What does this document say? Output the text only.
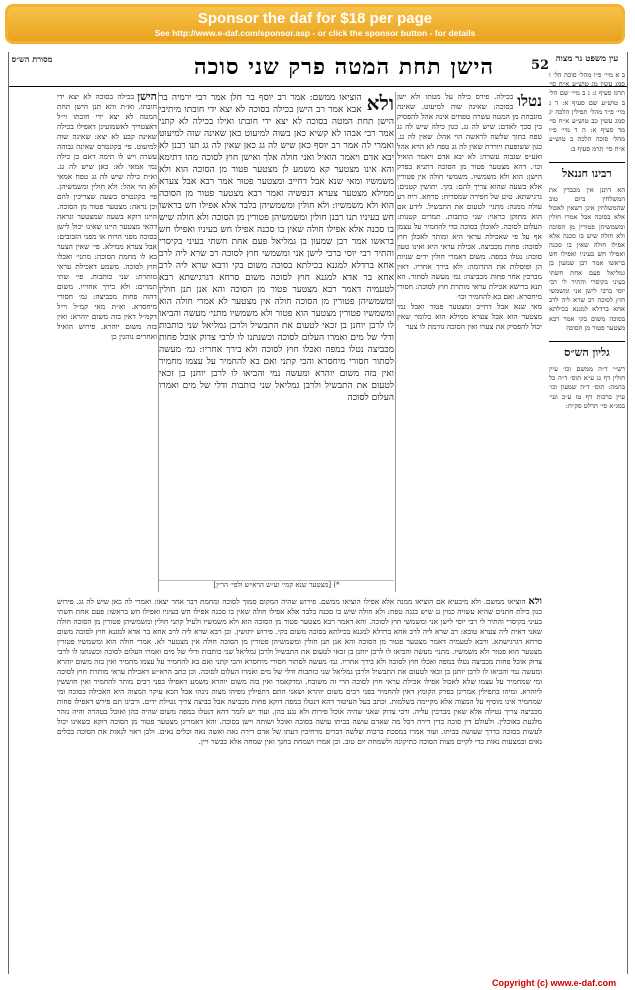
Sponsor the daf for $18 per page
See http://www.e-daf.com/sponsor.asp - or click the sponsor button - for details
הישן תחת המטה פרק שני סוכה	52
מסורת הש״ס	עין משפט נר מצוה

ב א מיי׳ פ״ו מהל׳ סוכה הל׳ ו סמג עשין מג טוש״ע א״ח סי׳ תרמ סעיף ג: ג ב מיי׳ שם הל׳ ב טוש״ע שם סעיף א: ד ג מיי׳ פ״ד מהל׳ תפילין הלכה יג סמג עשין כב טוש״ע א״ח סי׳ מד סעיף א: ה ד מיי׳ פ״ו מהל׳ סוכה הלכה ב טוש״ע א״ח סי׳ תרמ סעיף ב:

רבינו חננאל

הא דתנן אין מכבדין את המשלחין ביום טוב שהמשלחין אינן רשאין לאכול אלא בסוכה אבל אמרו חולין ומשמשיהן פטורין מן הסוכה ולא חולה שיש בו סכנה אלא אפילו חולה שאין בו סכנה ואפילו חש בעיניו ואפילו חש בראשו אמר רבן שמעון בן גמליאל פעם אחת חשתי בעיני בקיסרי והתיר לי רבי יוסי ברבי לישן אני ומשמשי חוץ לסוכה רב שרא ליה לרב אחא ברדלא למגנא בכילתא בסוכה משום בקי אמר רבא מצטער פטור מן הסוכה

גליון הש״ס

רש״י ד״ה ממשם וכו׳ עיין חולין דף נג ע״א תוס׳ ד״ה כל בהמה: תוס׳ ד״ה שמעון וכו׳ עיין ברכות דף טז ע״ב ועי׳ במג״א סי׳ תרלט סק״ח:

נטלו

בכילה. פירס כילה על מטתו ולא ישן בסוכה: שאינה שוה למיעוט. שאינה מוגבהת מן המטה עשרה טפחים אינה אהל להפסיק בין סכך לאדם: שיש לה גג. כגון כילה שיש לה גג טפח בתוך שלשה לראשה הוי אהל: שאין לה גג. כגון ששופעת ויורדת שאין לה גג טפח לא הויא אהל ואע״פ שגבוה עשרה: לא יבא אדם ויאמר הואיל וכו׳. דהא מצטער פטור מן הסוכה דתניא בפרק הישן: הוא ולא משמשיו. משמשי חולה אין פטורין אלא בשעה שהוא צריך להם: בקי. יתושין קטנים: גרגישתא. טיט של חפירה שמסריח: סרחא. ריח רע עולה ממנה: מתני׳ לטעום את התבשיל. לידע אם הוא מתוקן כראוי: שני כותבות. תמרים קטנות: העלום לסוכה. לאוכלן בסוכה כדי להחמיר על עצמן אף על פי שאכילת עראי היא ומותר לאכלן חוץ לסוכה: פחות מכביצה. אכילת עראי היא ואינו טעון סוכה: נטלו במפה. משום דאמרי חולין ידים שניות הן ופוסלות את התרומה: ולא בירך אחריו. דאין מברכין אחר פחות מכביצה: גמ׳ מעשה לסתור. הא תנא ברישא אכילת עראי מותרת חוץ לסוכה: חסורי מיחסרא. ואם בא להחמיר וכו׳

מאי שנא אבל דחייב ומצטער פטור ואבל נמי מצטער הוא אבל צערא ממילא הוא כלומר שאין יכול להפסיק את צערו ואין הסוכה גורמת לו צער

ולא

הוציאו ממשם: אמר רב יוסף בר חלן אמר רבי ירמיה בר אבא אמר רב הישן בכילה בסוכה לא יצא ידי חובתו מיתיבי הישן תחת המטה בסוכה לא יצא ידי חובתו ואילו בכילה לא קתני אמר רבי אבהו לא קשיא כאן בשוה למיעוט כאן שאינה שוה למיעוט ואמרי לה אמר רב יוסף כאן שיש לה גג כאן שאין לה גג תנו רבנן לא יבא אדם ויאמר הואיל ואני חולה אלך ואישן חוץ לסוכה מהו דתימא והא אינו מצטער קא משמע לן מצטער פטור מן הסוכה הוא ולא משמשיו ומאי שנא אבל דחייב ומצטער פטור אמר רבא אבל צערא ממילא מצטער צערא דנפשיה ואמר רבא מצטער פטור מן הסוכה הוא ולא משמשיו: ולא חולין ומשמשיהן בלבד אלא אפילו חש בראשו חש בעיניו תנו רבנן חולין ומשמשיהן פטורין מן הסוכה ולא חולה שיש בו סכנה אלא אפילו חולה שאין בו סכנה אפילו חש בעיניו ואפילו חש בראשו אמר רבן שמעון בן גמליאל פעם אחת חשתי בעיני בקיסרי והתיר רבי יוסי ברבי לישן אני ומשמשי חוץ לסוכה רב שרא ליה לרב אחא ברדלא למגנא בכילתא בסוכה משום בקי ורבא שרא ליה לרב אחא בר אדא למגנא חוץ לסוכה משום סרחא דגרגישתא רבא לטעמיה דאמר רבא מצטער פטור מן הסוכה והא אנן תנן חולין ומשמשיהן פטורין מן הסוכה חולה אין מצטער לא אמרי חולה הוא ומשמשיו פטורין מצטער הוא פטור ולא משמשיו מתני׳ מעשה והביאו לו לרבן יוחנן בן זכאי לטעום את התבשיל ולרבן גמליאל שני כותבות ודלי של מים ואמרו העלום לסוכה וכשנתנו לו לרבי צדוק אוכל פחות מכביצה נטלו במפה ואכלו חוץ לסוכה ולא בירך אחריו: גמ׳ מעשה לסתור חסורי מיחסרא והכי קתני ואם בא להחמיר על עצמו מחמיר ואין בזה משום יוהרא ומעשה נמי והביאו לו לרבן יוחנן בן זכאי לטעום את התבשיל ולרבן גמליאל שני כותבות ודלי של מים ואמרו העלום לסוכה

*) [מצטער שנא קמי׳ וע״ש הרא״ש ולפי׳ הר״ן]
הישן

בכילה בסוכה לא יצא ידי חובתו. וא״ת והא תנן הישן תחת המטה לא יצא ידי חובתו וי״ל דאצטריך לאשמועינן דאפילו בכילה שאינה קבע לא יצא: שאינה שוה למיעוט. פי׳ בקונטרס שאינה גבוהה עשרה ויש לו תימה דאם כן כילה נמי אמאי לא: כאן שיש לה גג. וא״ת כילה שיש לה גג טפח אמאי לא הוי אהל: ולא חולין ומשמשיהן. פי׳ בקונטרס בשעה שצריכין להם וכן נראה: מצטער פטור מן הסוכה. היינו דוקא בשעה שמצטער ונראה דהאי מצטער היינו שאינו יכול לישן בסוכה מפני הרוח או מפני הזבובים: אבל צערא ממילא. פי׳ שאין הצער בא לו מחמת הסוכה: מתני׳ ואכלו חוץ לסוכה. משמע דאכילת עראי מותרת: שני כותבות. פי׳ שתי תמרים: ולא בירך אחריו. משום דהוה פחות מכביצה: גמ׳ חסורי מיחסרא. וא״ת מאי קמ״ל וי״ל דקמ״ל דאין בזה משום יוהרא: ואין בזה משום יוהרא. פירוש הואיל ואחרים נוהגין כן

ולא הוציאו ממשם. ולא מיבעיא אם הוציאו ממנה אלא אפילו הוציאו ממשם. פירוש שהיה המקום סמוך לסוכה ומחמת דבר אחר יצאו: ואמרי לה כאן שיש לה גג. פירוש כגון כילת חתנים שהיא עשויה כמין גג שיש בגגה טפח: ולא חולה שיש בו סכנה בלבד אלא אפילו חולה שאין בו סכנה אפילו חש בעיניו ואפילו חש בראשו: פעם אחת חשתי בעיני בקיסרי והתיר לי רבי יוסי לישן אני ומשמשי חוץ לסוכה. והא דאמר רבא מצטער פטור מן הסוכה הוא ולא משמשיו ולעיל קתני חולין ומשמשיהן פטורין מן הסוכה חולה שאני דאית ליה צערא טובא: רב שרא ליה לרב אחא ברדלא למגנא בכילתא בסוכה משום בקי. פירוש יתושין. וכן רבא שרא ליה לרב אחא בר אדא למגנא חוץ לסוכה משום סרחא דגרגישתא. ורבא לטעמיה דאמר מצטער פטור מן הסוכה והא אנן תנן חולין ומשמשיהן פטורין מן הסוכה חולה אין מצטער לא. אמרי חולה הוא ומשמשיו פטורין מצטער הוא פטור ולא משמשיו. מתני׳ מעשה והביאו לו לרבן יוחנן בן זכאי לטעום את התבשיל ולרבן גמליאל שני כותבות ודלי של מים ואמרו העלום לסוכה וכשנתנו לו לרבי צדוק אוכל פחות מכביצה נטלו במפה ואכלו חוץ לסוכה ולא בירך אחריו. גמ׳ מעשה לסתור חסורי מיחסרא והכי קתני ואם בא להחמיר על עצמו מחמיר ואין בזה משום יוהרא ומעשה נמי והביאו לו לרבן יוחנן בן זכאי לטעום את התבשיל ולרבן גמליאל שני כותבות ודלי של מים ואמרו העלום לסוכה. וכן כתב הרא״ש דאכילת עראי מותרת חוץ לסוכה ומי שמחמיר על עצמו שלא לאכול אפילו אכילת עראי חוץ לסוכה הרי זה משובח. ומדקאמר ואין בזה משום יוהרא משמע דאפילו בפני רבים מותר להחמיר ואין חוששין ליוהרא. ומיהו בתפילין אמרינן בפרק הקומץ דאין להחמיר בפני רבים משום יוהרא ושאני התם דתפילין גופיהו מצוה נינהו אבל הכא עיקר המצוה היא האכילה בסוכה ומי שמחמיר אינו מוסיף על המצוה אלא מקיימה בשלמות. וכתב בעל העיטור דהא דנטלו במפה דוקא פחות מכביצה אבל כביצה צריך נטילת ידים. ורבינו תם פירש דאפילו פחות מכביצה צריך נטילה אלא שאין מברכין עליה. ורבי צדוק שאני שהיה אוכל פירות ולא נגע בהן. ועוד יש לומר דהא דנטלו במפה משום שהיה כהן ואוכל בטהרה והיה נזהר מלגעת באוכלין. ולעולם דין סוכה כדין דירה דכל מה שאדם עושה בביתו עושה בסוכה ואוכל ושותה וישן בסוכה. והא דאמרינן מצטער פטור מן הסוכה דוקא כשאינו יכול לעשות בסוכה כדרך שעושה בביתו. ועוד אמרו במסכת ברכות שלשה דברים מרחיבין דעתו של אדם דירה נאה ואשה נאה וכלים נאים. ולכן ראוי לנאות את הסוכה בכלים נאים ובמצעות נאות כדי לקיים מצות הסוכה כתיקונה ולשמחת יום טוב. וכן אמרו ושמחת בחגך ואין שמחה אלא בבשר ויין.
Copyright (c) www.e-daf.com
